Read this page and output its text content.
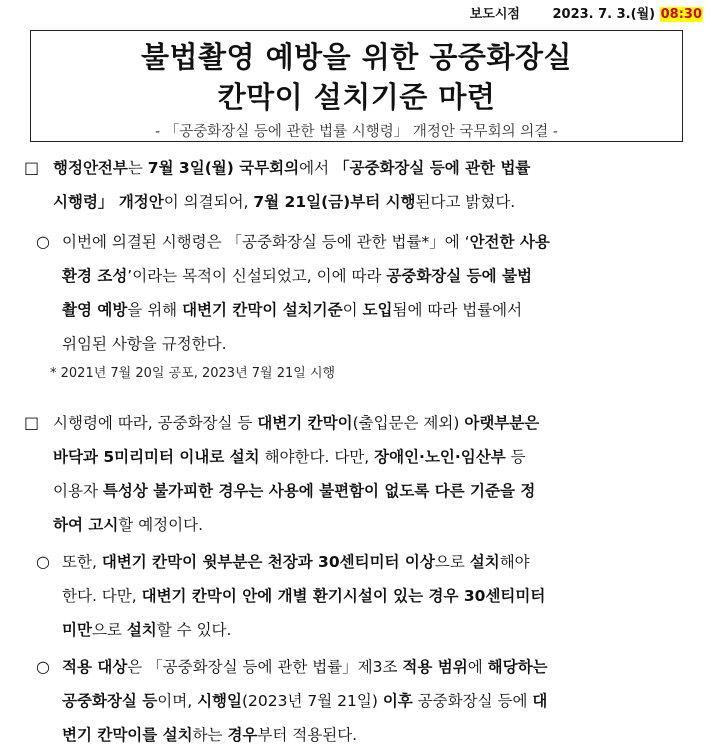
보도시점	2023. 7. 3.(월) 08:30
불법촬영 예방을 위한 공중화장실
칸막이 설치기준 마련
- 「공중화장실 등에 관한 법률 시행령」 개정안 국무회의 의결 -
□ 행정안전부는 7월 3일(월) 국무회의에서 「공중화장실 등에 관한 법률
시행령」 개정안이 의결되어, 7월 21일(금)부터 시행된다고 밝혔다.
○ 이번에 의결된 시행령은 「공중화장실 등에 관한 법률*」에 ‘안전한 사용
환경 조성’이라는 목적이 신설되었고, 이에 따라 공중화장실 등에 불법
촬영 예방을 위해 대변기 칸막이 설치기준이 도입됨에 따라 법률에서
위임된 사항을 규정한다.
* 2021년 7월 20일 공포, 2023년 7월 21일 시행
□ 시행령에 따라, 공중화장실 등 대변기 칸막이(출입문은 제외) 아랫부분은
바닥과 5미리미터 이내로 설치 해야한다. 다만, 장애인·노인·임산부 등
이용자 특성상 불가피한 경우는 사용에 불편함이 없도록 다른 기준을 정
하여 고시할 예정이다.
○ 또한, 대변기 칸막이 윗부분은 천장과 30센티미터 이상으로 설치해야
한다. 다만, 대변기 칸막이 안에 개별 환기시설이 있는 경우 30센티미터
미만으로 설치할 수 있다.
○ 적용 대상은 「공중화장실 등에 관한 법률」제3조 적용 범위에 해당하는
공중화장실 등이며, 시행일(2023년 7월 21일) 이후 공중화장실 등에 대
변기 칸막이를 설치하는 경우부터 적용된다.
